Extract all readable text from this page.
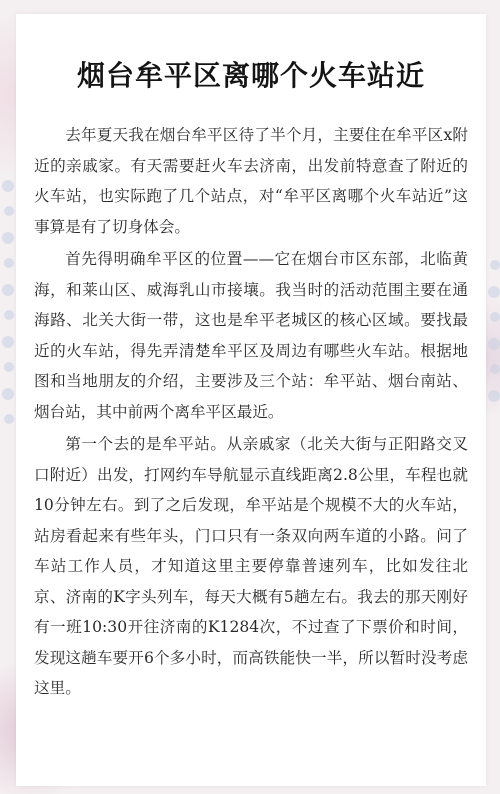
烟台牟平区离哪个火车站近

去年夏天我在烟台牟平区待了半个月，主要住在牟平区x附近的亲戚家。有天需要赶火车去济南，出发前特意查了附近的火车站，也实际跑了几个站点，对“牟平区离哪个火车站近”这事算是有了切身体会。

首先得明确牟平区的位置——它在烟台市区东部，北临黄海，和莱山区、威海乳山市接壤。我当时的活动范围主要在通海路、北关大街一带，这也是牟平老城区的核心区域。要找最近的火车站，得先弄清楚牟平区及周边有哪些火车站。根据地图和当地朋友的介绍，主要涉及三个站：牟平站、烟台南站、烟台站，其中前两个离牟平区最近。

第一个去的是牟平站。从亲戚家（北关大街与正阳路交叉口附近）出发，打网约车导航显示直线距离2.8公里，车程也就10分钟左右。到了之后发现，牟平站是个规模不大的火车站，站房看起来有些年头，门口只有一条双向两车道的小路。问了车站工作人员，才知道这里主要停靠普速列车，比如发往北京、济南的K字头列车，每天大概有5趟左右。我去的那天刚好有一班10:30开往济南的K1284次，不过查了下票价和时间，发现这趟车要开6个多小时，而高铁能快一半，所以暂时没考虑这里。
